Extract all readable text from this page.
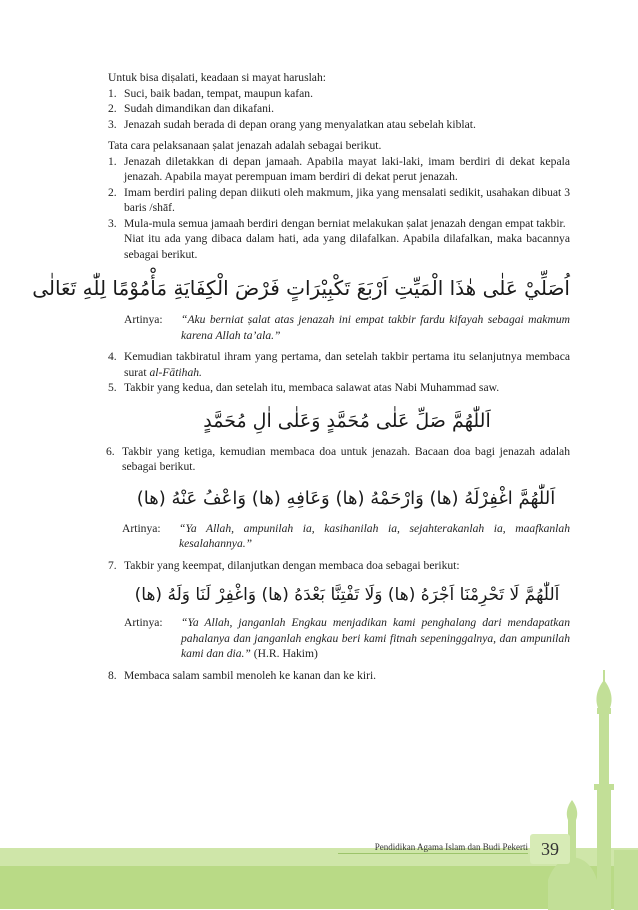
Untuk bisa diṣalati, keadaan si mayat haruslah:

1. Suci, baik badan, tempat, maupun kafan.
2. Sudah dimandikan dan dikafani.
3. Jenazah sudah berada di depan orang yang menyalatkan atau sebelah kiblat.

Tata cara pelaksanaan ṣalat jenazah adalah sebagai berikut.

1. Jenazah diletakkan di depan jamaah. Apabila mayat laki-laki, imam berdiri di dekat kepala jenazah. Apabila mayat perempuan imam berdiri di dekat perut jenazah.
2. Imam berdiri paling depan diikuti oleh makmum, jika yang mensalati sedikit, usahakan dibuat 3 baris /shāf.
3. Mula-mula semua jamaah berdiri dengan berniat melakukan ṣalat jenazah dengan empat takbir.
Niat itu ada yang dibaca dalam hati, ada yang dilafalkan. Apabila dilafalkan, maka bacannya sebagai berikut.
اُصَلِّيْ عَلٰى هٰذَا الْمَيِّتِ اَرْبَعَ تَكْبِيْرَاتٍ فَرْضَ الْكِفَايَةِ مَأْمُوْمًا لِلّٰهِ تَعَالٰى
Artinya: “Aku berniat ṣalat atas jenazah ini empat takbir fardu kifayah sebagai makmum karena Allah ta’ala.”
4. Kemudian takbiratul ihram yang pertama, dan setelah takbir pertama itu selanjutnya membaca surat al-Fātihah.
5. Takbir yang kedua, dan setelah itu, membaca salawat atas Nabi Muhammad saw.
اَللّٰهُمَّ صَلِّ عَلٰى مُحَمَّدٍ وَعَلٰى اٰلِ مُحَمَّدٍ
6. Takbir yang ketiga, kemudian membaca doa untuk jenazah. Bacaan doa bagi jenazah adalah sebagai berikut.
اَللّٰهُمَّ اغْفِرْلَهُ (ها) وَارْحَمْهُ (ها) وَعَافِهِ (ها) وَاعْفُ عَنْهُ (ها)
Artinya: “Ya Allah, ampunilah ia, kasihanilah ia, sejahterakanlah ia, maafkanlah kesalahannya.”
7. Takbir yang keempat, dilanjutkan dengan membaca doa sebagai berikut:
اَللّٰهُمَّ لَا تَحْرِمْنَا اَجْرَهُ (ها) وَلَا تَفْتِنَّا بَعْدَهُ (ها) وَاغْفِرْ لَنَا وَلَهُ (ها)
Artinya: “Ya Allah, janganlah Engkau menjadikan kami penghalang dari mendapatkan pahalanya dan janganlah engkau beri kami fitnah sepeninggalnya, dan ampunilah kami dan dia.” (H.R. Hakim)
8. Membaca salam sambil menoleh ke kanan dan ke kiri.
Pendidikan Agama Islam dan Budi Pekerti 39
